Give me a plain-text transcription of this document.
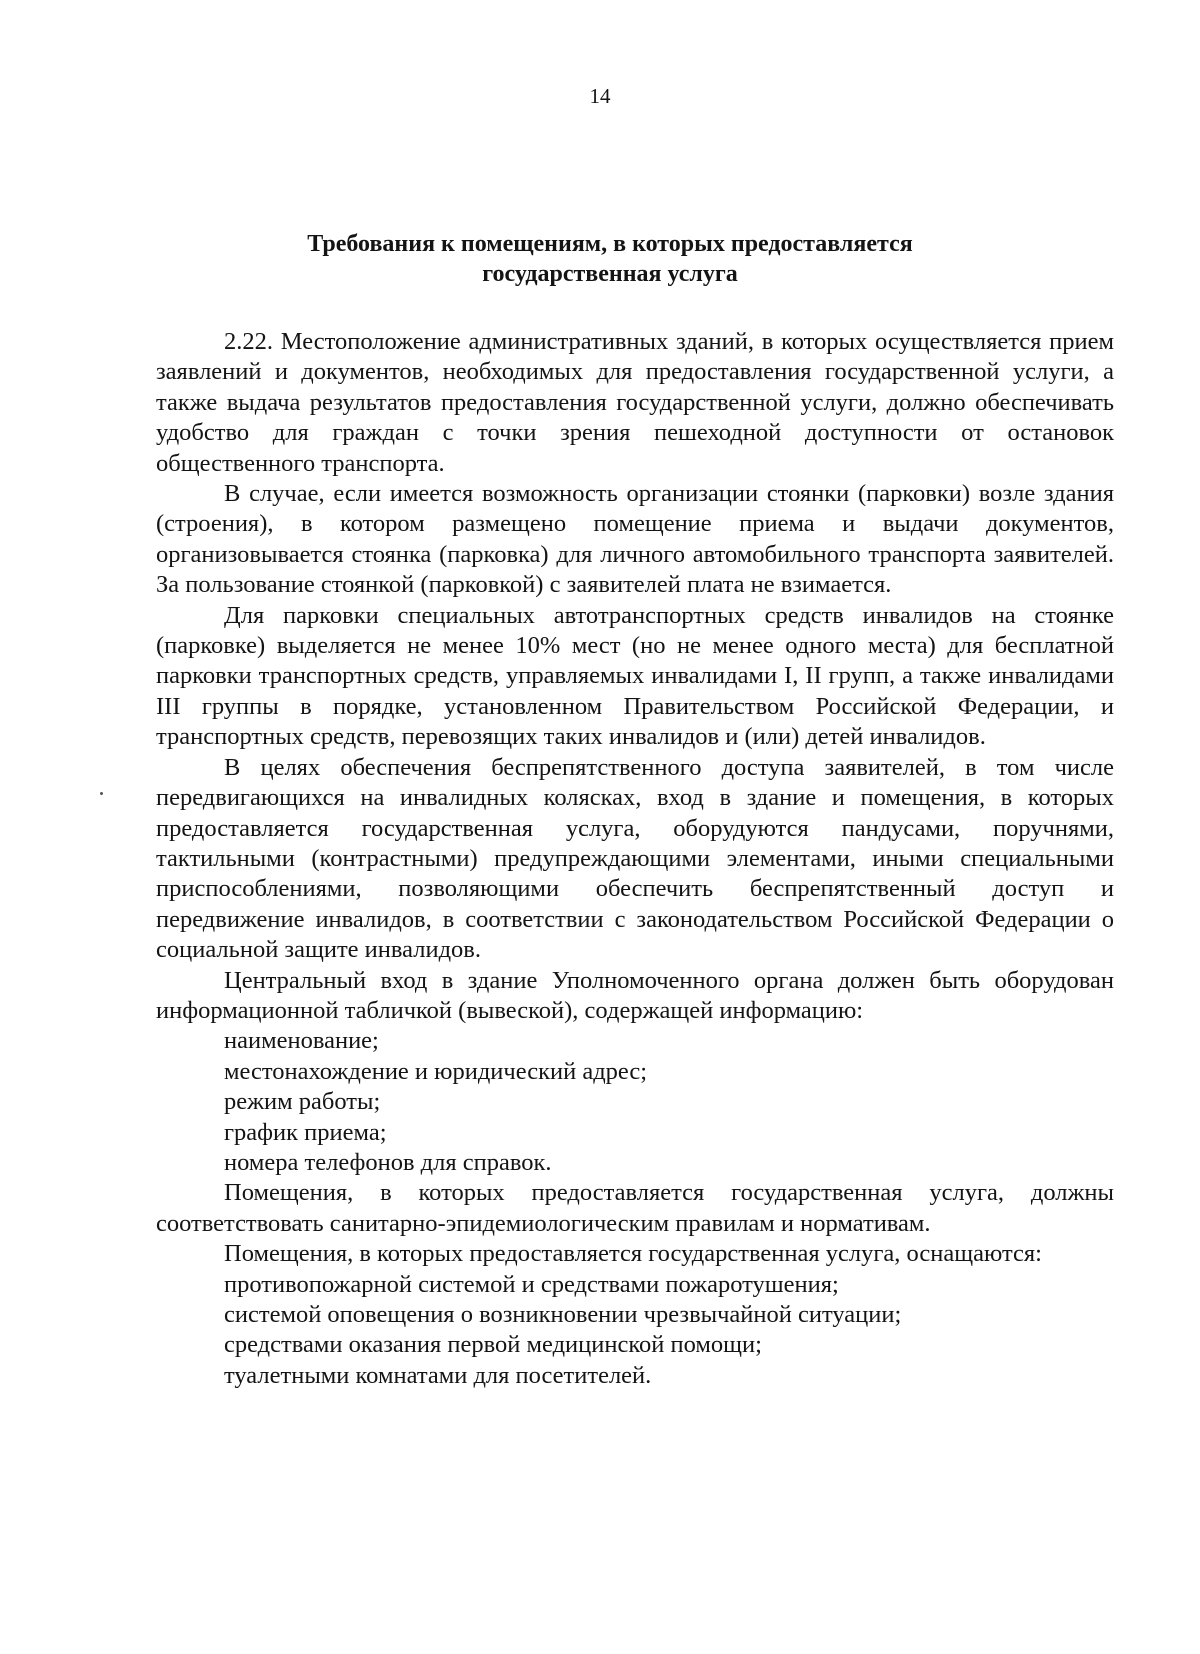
14
Требования к помещениям, в которых предоставляется
государственная услуга

2.22. Местоположение административных зданий, в которых осуществляется прием заявлений и документов, необходимых для предоставления государственной услуги, а также выдача результатов предоставления государственной услуги, должно обеспечивать удобство для граждан с точки зрения пешеходной доступности от остановок общественного транспорта.

В случае, если имеется возможность организации стоянки (парковки) возле здания (строения), в котором размещено помещение приема и выдачи документов, организовывается стоянка (парковка) для личного автомобильного транспорта заявителей. За пользование стоянкой (парковкой) с заявителей плата не взимается.

Для парковки специальных автотранспортных средств инвалидов на стоянке (парковке) выделяется не менее 10% мест (но не менее одного места) для бесплатной парковки транспортных средств, управляемых инвалидами I, II групп, а также инвалидами III группы в порядке, установленном Правительством Российской Федерации, и транспортных средств, перевозящих таких инвалидов и (или) детей инвалидов.

В целях обеспечения беспрепятственного доступа заявителей, в том числе передвигающихся на инвалидных колясках, вход в здание и помещения, в которых предоставляется государственная услуга, оборудуются пандусами, поручнями, тактильными (контрастными) предупреждающими элементами, иными специальными приспособлениями, позволяющими обеспечить беспрепятственный доступ и передвижение инвалидов, в соответствии с законодательством Российской Федерации о социальной защите инвалидов.

Центральный вход в здание Уполномоченного органа должен быть оборудован информационной табличкой (вывеской), содержащей информацию:

наименование;

местонахождение и юридический адрес;

режим работы;

график приема;

номера телефонов для справок.

Помещения, в которых предоставляется государственная услуга, должны соответствовать санитарно-эпидемиологическим правилам и нормативам.

Помещения, в которых предоставляется государственная услуга, оснащаются:

противопожарной системой и средствами пожаротушения;

системой оповещения о возникновении чрезвычайной ситуации;

средствами оказания первой медицинской помощи;

туалетными комнатами для посетителей.
